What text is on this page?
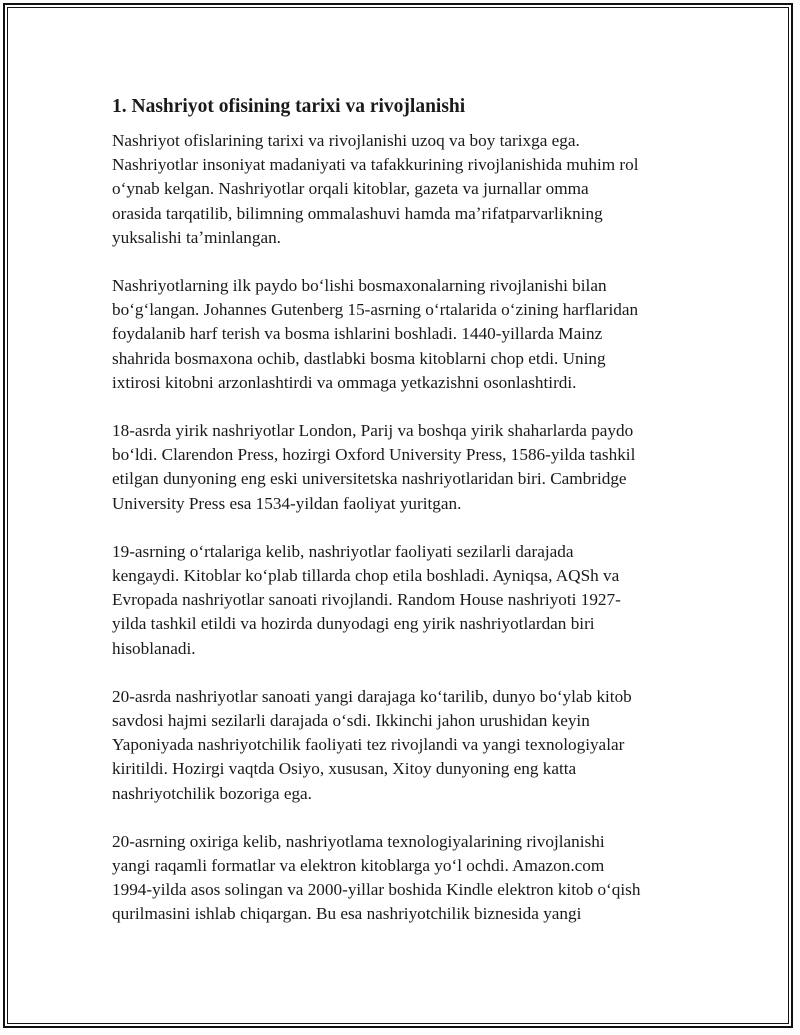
1. Nashriyot ofisining tarixi va rivojlanishi

Nashriyot ofislarining tarixi va rivojlanishi uzoq va boy tarixga ega.
Nashriyotlar insoniyat madaniyati va tafakkurining rivojlanishida muhim rol
oʻynab kelgan. Nashriyotlar orqali kitoblar, gazeta va jurnallar omma
orasida tarqatilib, bilimning ommalashuvi hamda maʼrifatparvarlikning
yuksalishi taʼminlangan.

Nashriyotlarning ilk paydo boʻlishi bosmaxonalarning rivojlanishi bilan
boʻgʻlangan. Johannes Gutenberg 15-asrning oʻrtalarida oʻzining harflaridan
foydalanib harf terish va bosma ishlarini boshladi. 1440-yillarda Mainz
shahrida bosmaxona ochib, dastlabki bosma kitoblarni chop etdi. Uning
ixtirosi kitobni arzonlashtirdi va ommaga yetkazishni osonlashtirdi.

18-asrda yirik nashriyotlar London, Parij va boshqa yirik shaharlarda paydo
boʻldi. Clarendon Press, hozirgi Oxford University Press, 1586-yilda tashkil
etilgan dunyoning eng eski universitetska nashriyotlaridan biri. Cambridge
University Press esa 1534-yildan faoliyat yuritgan.

19-asrning oʻrtalariga kelib, nashriyotlar faoliyati sezilarli darajada
kengaydi. Kitoblar koʻplab tillarda chop etila boshladi. Ayniqsa, AQSh va
Evropada nashriyotlar sanoati rivojlandi. Random House nashriyoti 1927-
yilda tashkil etildi va hozirda dunyodagi eng yirik nashriyotlardan biri
hisoblanadi.

20-asrda nashriyotlar sanoati yangi darajaga koʻtarilib, dunyo boʻylab kitob
savdosi hajmi sezilarli darajada oʻsdi. Ikkinchi jahon urushidan keyin
Yaponiyada nashriyotchilik faoliyati tez rivojlandi va yangi texnologiyalar
kiritildi. Hozirgi vaqtda Osiyo, xususan, Xitoy dunyoning eng katta
nashriyotchilik bozoriga ega.

20-asrning oxiriga kelib, nashriyotlama texnologiyalarining rivojlanishi
yangi raqamli formatlar va elektron kitoblarga yoʻl ochdi. Amazon.com
1994-yilda asos solingan va 2000-yillar boshida Kindle elektron kitob oʻqish
qurilmasini ishlab chiqargan. Bu esa nashriyotchilik biznesida yangi
